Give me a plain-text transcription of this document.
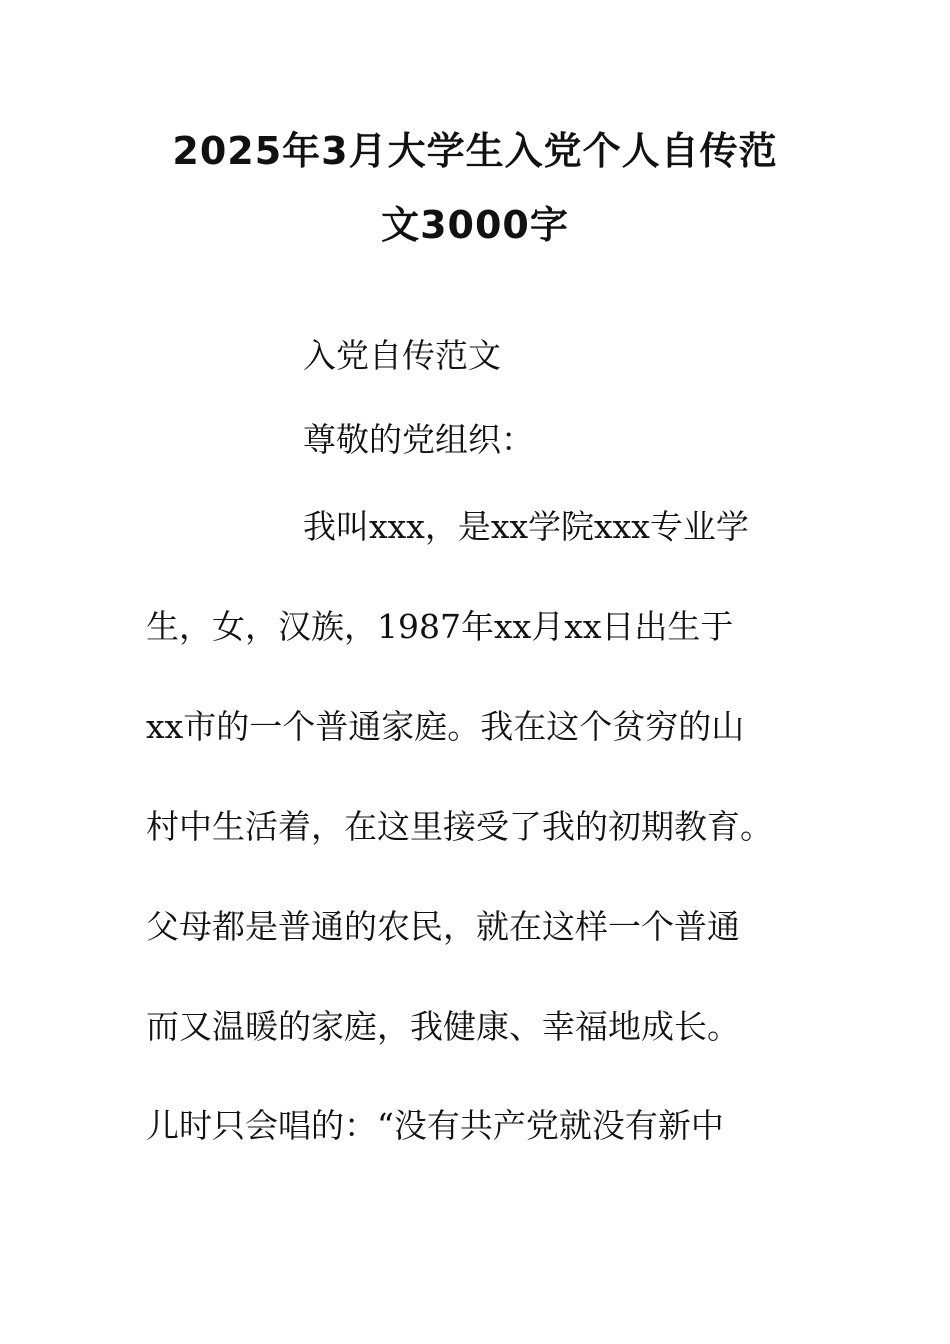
2025年3月大学生入党个人自传范
文3000字
入党自传范文
尊敬的党组织：
我叫xxx，是xx学院xxx专业学
生，女，汉族，1987年xx月xx日出生于
xx市的一个普通家庭。我在这个贫穷的山
村中生活着，在这里接受了我的初期教育。
父母都是普通的农民，就在这样一个普通
而又温暖的家庭，我健康、幸福地成长。
儿时只会唱的：“没有共产党就没有新中
